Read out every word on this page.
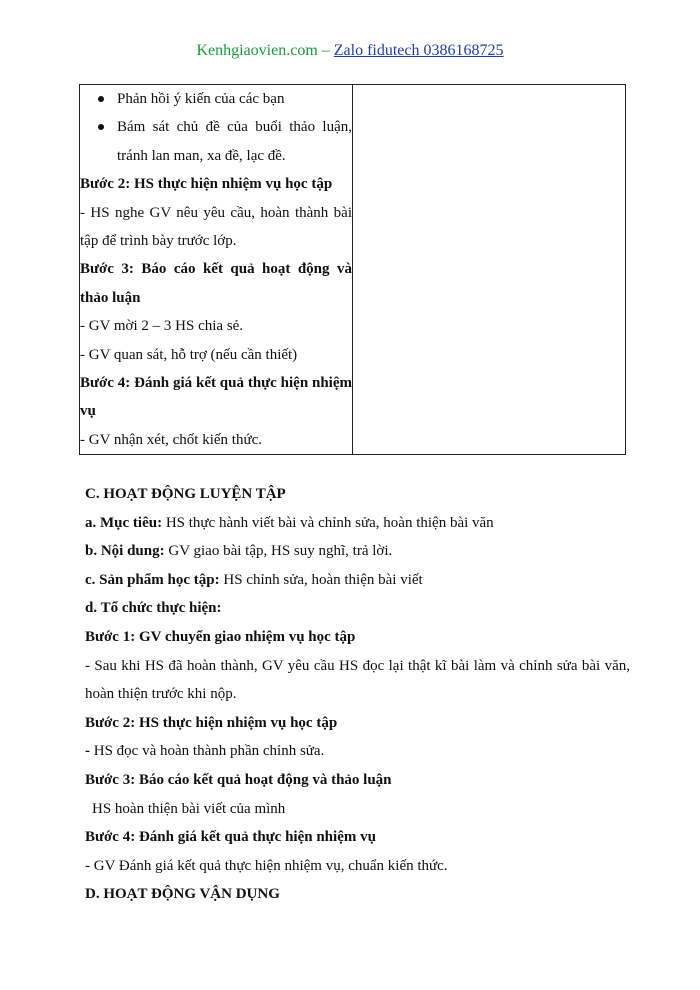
Kenhgiaovien.com – Zalo fidutech 0386168725
Phản hồi ý kiến của các bạn
Bám sát chủ đề của buổi thảo luận, tránh lan man, xa đề, lạc đề.
Bước 2: HS thực hiện nhiệm vụ học tập
- HS nghe GV nêu yêu cầu, hoàn thành bài tập để trình bày trước lớp.
Bước 3: Báo cáo kết quả hoạt động và thảo luận
- GV mời 2 – 3 HS chia sẻ.
- GV quan sát, hỗ trợ (nếu cần thiết)
Bước 4: Đánh giá kết quả thực hiện nhiệm vụ
- GV nhận xét, chốt kiến thức.

C. HOẠT ĐỘNG LUYỆN TẬP

a. Mục tiêu: HS thực hành viết bài và chỉnh sửa, hoàn thiện bài văn

b. Nội dung: GV giao bài tập, HS suy nghĩ, trả lời.

c. Sản phẩm học tập: HS chỉnh sửa, hoàn thiện bài viết

d. Tổ chức thực hiện:

Bước 1: GV chuyển giao nhiệm vụ học tập

- Sau khi HS đã hoàn thành, GV yêu cầu HS đọc lại thật kĩ bài làm và chỉnh sửa bài văn, hoàn thiện trước khi nộp.

Bước 2: HS thực hiện nhiệm vụ học tập

- HS đọc và hoàn thành phần chỉnh sửa.

Bước 3: Báo cáo kết quả hoạt động và thảo luận

HS hoàn thiện bài viết của mình

Bước 4: Đánh giá kết quả thực hiện nhiệm vụ

- GV Đánh giá kết quả thực hiện nhiệm vụ, chuẩn kiến thức.

D. HOẠT ĐỘNG VẬN DỤNG
